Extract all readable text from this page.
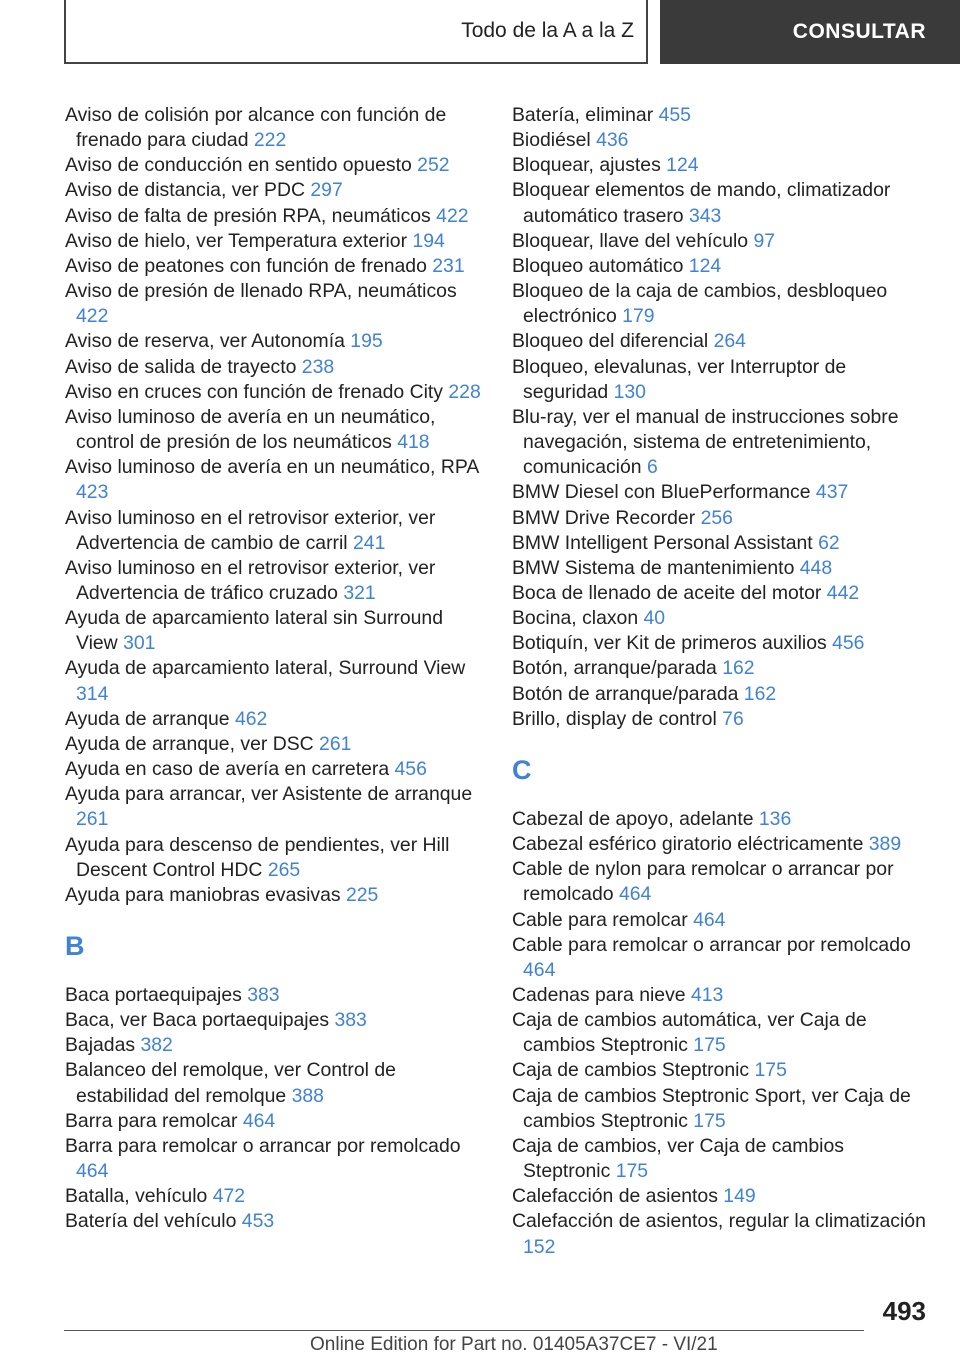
Todo de la A a la Z	CONSULTAR
Aviso de colisión por alcance con función de frenado para ciudad 222
Aviso de conducción en sentido opuesto 252
Aviso de distancia, ver PDC 297
Aviso de falta de presión RPA, neumáticos 422
Aviso de hielo, ver Temperatura exterior 194
Aviso de peatones con función de frenado 231
Aviso de presión de llenado RPA, neumáticos 422
Aviso de reserva, ver Autonomía 195
Aviso de salida de trayecto 238
Aviso en cruces con función de frenado City 228
Aviso luminoso de avería en un neumático, control de presión de los neumáticos 418
Aviso luminoso de avería en un neumático, RPA 423
Aviso luminoso en el retrovisor exterior, ver Advertencia de cambio de carril 241
Aviso luminoso en el retrovisor exterior, ver Advertencia de tráfico cruzado 321
Ayuda de aparcamiento lateral sin Surround View 301
Ayuda de aparcamiento lateral, Surround View 314
Ayuda de arranque 462
Ayuda de arranque, ver DSC 261
Ayuda en caso de avería en carretera 456
Ayuda para arrancar, ver Asistente de arranque 261
Ayuda para descenso de pendientes, ver Hill Descent Control HDC 265
Ayuda para maniobras evasivas 225
B
Baca portaequipajes 383
Baca, ver Baca portaequipajes 383
Bajadas 382
Balanceo del remolque, ver Control de estabilidad del remolque 388
Barra para remolcar 464
Barra para remolcar o arrancar por remolcado 464
Batalla, vehículo 472
Batería del vehículo 453
Batería, eliminar 455
Biodiésel 436
Bloquear, ajustes 124
Bloquear elementos de mando, climatizador automático trasero 343
Bloquear, llave del vehículo 97
Bloqueo automático 124
Bloqueo de la caja de cambios, desbloqueo electrónico 179
Bloqueo del diferencial 264
Bloqueo, elevalunas, ver Interruptor de seguridad 130
Blu-ray, ver el manual de instrucciones sobre navegación, sistema de entretenimiento, comunicación 6
BMW Diesel con BluePerformance 437
BMW Drive Recorder 256
BMW Intelligent Personal Assistant 62
BMW Sistema de mantenimiento 448
Boca de llenado de aceite del motor 442
Bocina, claxon 40
Botiquín, ver Kit de primeros auxilios 456
Botón, arranque/parada 162
Botón de arranque/parada 162
Brillo, display de control 76
C
Cabezal de apoyo, adelante 136
Cabezal esférico giratorio eléctricamente 389
Cable de nylon para remolcar o arrancar por remolcado 464
Cable para remolcar 464
Cable para remolcar o arrancar por remolcado 464
Cadenas para nieve 413
Caja de cambios automática, ver Caja de cambios Steptronic 175
Caja de cambios Steptronic 175
Caja de cambios Steptronic Sport, ver Caja de cambios Steptronic 175
Caja de cambios, ver Caja de cambios Steptronic 175
Calefacción de asientos 149
Calefacción de asientos, regular la climatización 152
493
Online Edition for Part no. 01405A37CE7 - VI/21
